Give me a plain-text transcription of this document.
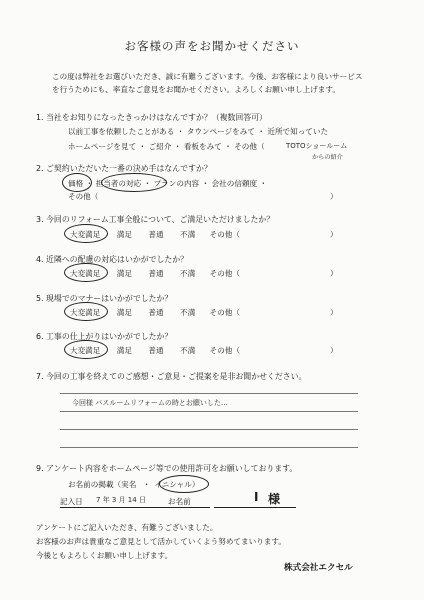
お客様の声をお聞かせください
この度は弊社をお選びいただき、誠に有難うございます。今後、お客様により良いサービス
を行うためにも、率直なご意見をお聞かせください。よろしくお願い申し上げます。
1. 当社をお知りになったきっかけはなんですか？（複数回答可）
以前工事を依頼したことがある ・ タウンページをみて ・ 近所で知っていた
ホームページを見て ・ ご紹介 ・ 看板をみて ・ その他（	TOTOショールーム
からの紹介
2. ご契約いただいた一番の決め手はなんですか？
価格 ・ 担当者の対応 ・ プランの内容 ・ 会社の信頼度 ・
その他（	）
3. 今回のリフォーム工事全般について、ご満足いただけましたか？
大変満足 満足 普通 不満 その他（	）
4. 近隣への配慮の対応はいかがでしたか？
大変満足 満足 普通 不満 その他（	）
5. 現場でのマナーはいかがでしたか？
大変満足 満足 普通 不満 その他（	）
6. 工事の仕上がりはいかがでしたか？
大変満足 満足 普通 不満 その他（	）
7. 今回の工事を終えてのご感想・ご意見・ご提案を是非お聞かせください。
今回様 バスルームリフォームの時とお願いした…
9. アンケート内容をホームページ等での使用許可をお願いしております。
お名前の掲載（実名 ・ イニシャル）
記入日 7 年 3 月 14 日	お名前	I 様
アンケートにご記入いただき、有難うございました。
お客様のお声は貴重なご意見として活かしていくよう努めてまいります。
今後ともよろしくお願い申し上げます。
株式会社エクセル
